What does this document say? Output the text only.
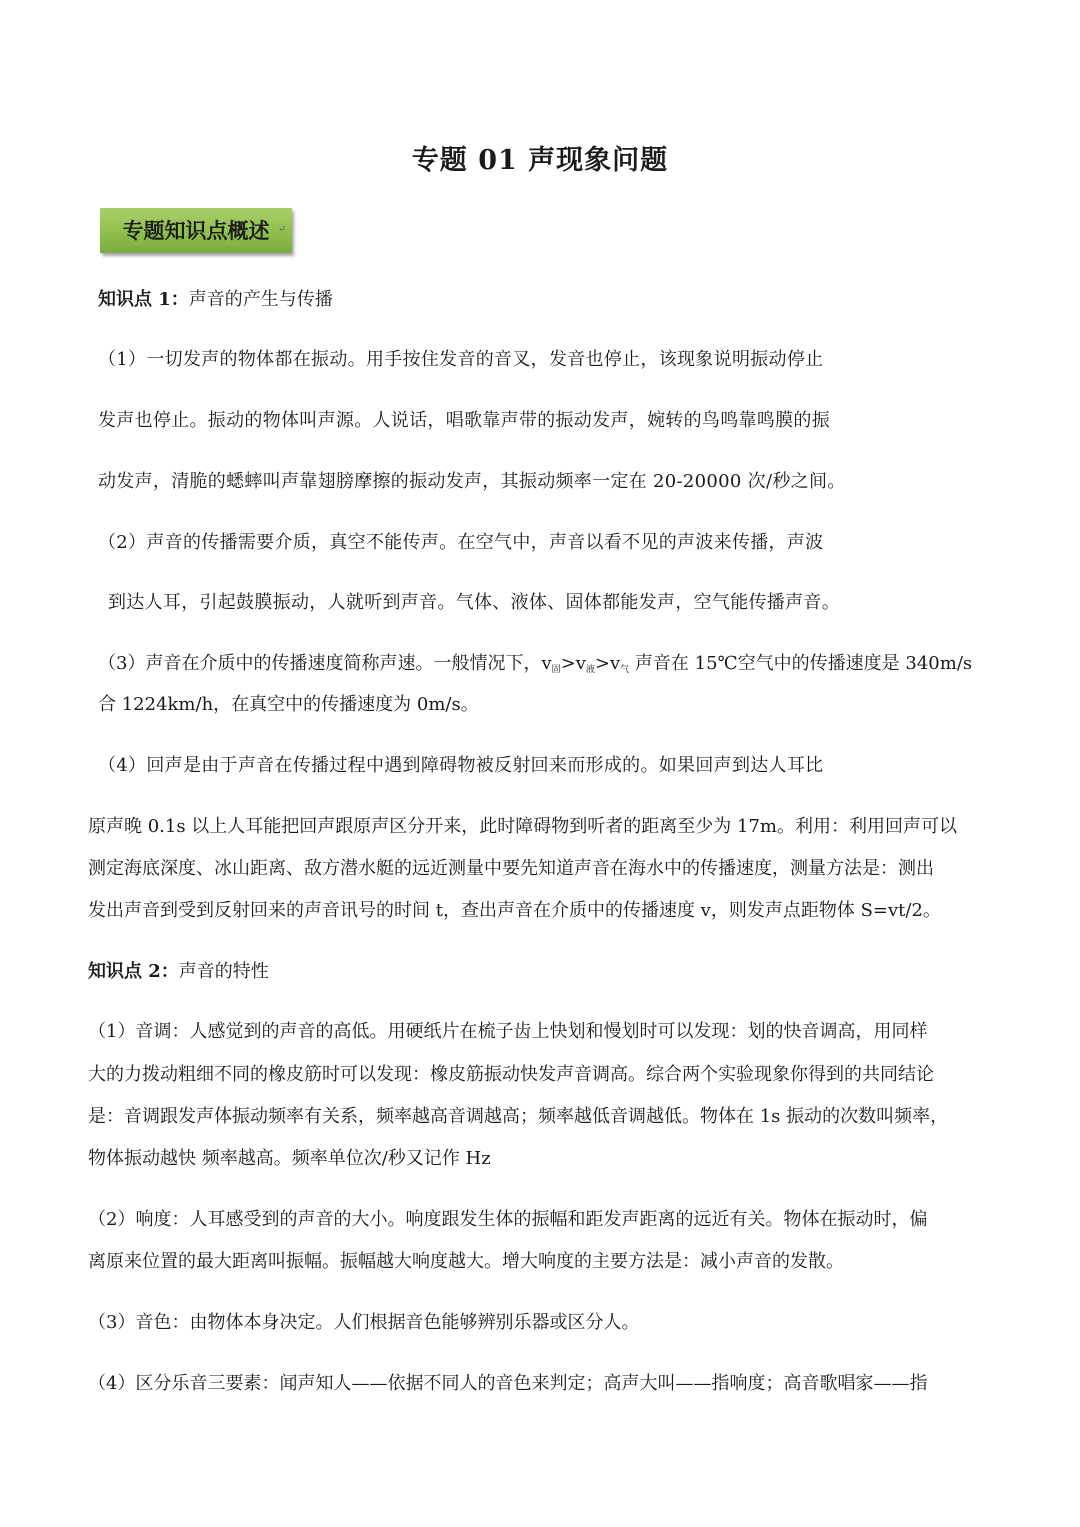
专题 01 声现象问题
专题知识点概述 ↵
知识点 1：声音的产生与传播
（1）一切发声的物体都在振动。用手按住发音的音叉，发音也停止，该现象说明振动停止
发声也停止。振动的物体叫声源。人说话，唱歌靠声带的振动发声，婉转的鸟鸣靠鸣膜的振
动发声，清脆的蟋蟀叫声靠翅膀摩擦的振动发声，其振动频率一定在 20-20000 次/秒之间。
（2）声音的传播需要介质，真空不能传声。在空气中，声音以看不见的声波来传播，声波
到达人耳，引起鼓膜振动，人就听到声音。气体、液体、固体都能发声，空气能传播声音。
（3）声音在介质中的传播速度简称声速。一般情况下，$v_固>v_液>v_气$ 声音在 15℃空气中的传播速度是 340m/s
合 1224km/h，在真空中的传播速度为 0m/s。
（4）回声是由于声音在传播过程中遇到障碍物被反射回来而形成的。如果回声到达人耳比
原声晚 0.1s 以上人耳能把回声跟原声区分开来，此时障碍物到听者的距离至少为 17m。利用：利用回声可以
测定海底深度、冰山距离、敌方潜水艇的远近测量中要先知道声音在海水中的传播速度，测量方法是：测出
发出声音到受到反射回来的声音讯号的时间 t，查出声音在介质中的传播速度 v，则发声点距物体 S=vt/2。
知识点 2：声音的特性
（1）音调：人感觉到的声音的高低。用硬纸片在梳子齿上快划和慢划时可以发现：划的快音调高，用同样
大的力拨动粗细不同的橡皮筋时可以发现：橡皮筋振动快发声音调高。综合两个实验现象你得到的共同结论
是：音调跟发声体振动频率有关系，频率越高音调越高；频率越低音调越低。物体在 1s 振动的次数叫频率，
物体振动越快 频率越高。频率单位次/秒又记作 Hz
（2）响度：人耳感受到的声音的大小。响度跟发生体的振幅和距发声距离的远近有关。物体在振动时，偏
离原来位置的最大距离叫振幅。振幅越大响度越大。增大响度的主要方法是：减小声音的发散。
（3）音色：由物体本身决定。人们根据音色能够辨别乐器或区分人。
（4）区分乐音三要素：闻声知人——依据不同人的音色来判定；高声大叫——指响度；高音歌唱家——指
